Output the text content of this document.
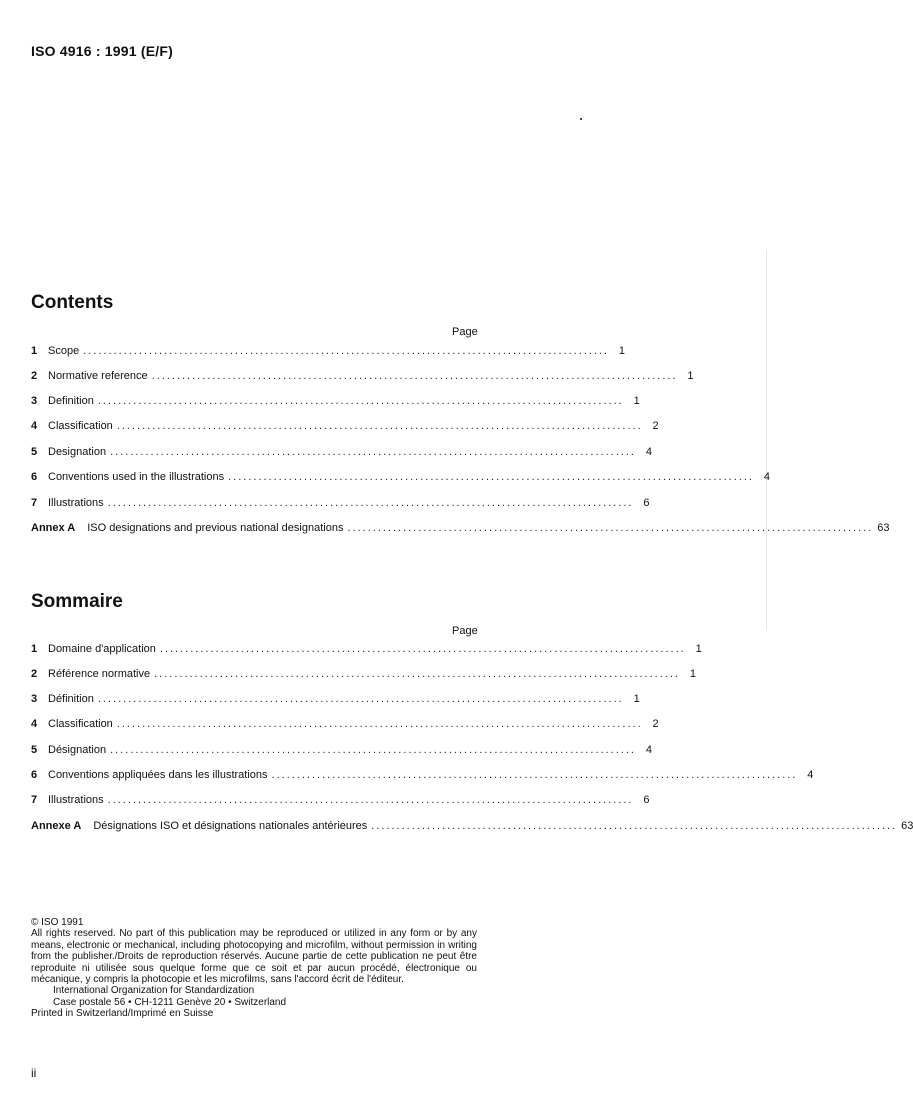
ISO 4916 : 1991 (E/F)
Contents
Page
1 Scope ........................................................................................................ 1
2 Normative reference ........................................................................................................ 1
3 Definition ........................................................................................................ 1
4 Classification ........................................................................................................ 2
5 Designation ........................................................................................................ 4
6 Conventions used in the illustrations ........................................................................................................ 4
7 Illustrations ........................................................................................................ 6
Annex A ISO designations and previous national designations ........................................................................................................ 63
Sommaire
Page
1 Domaine d'application ........................................................................................................ 1
2 Référence normative ........................................................................................................ 1
3 Définition ........................................................................................................ 1
4 Classification ........................................................................................................ 2
5 Désignation ........................................................................................................ 4
6 Conventions appliquées dans les illustrations ........................................................................................................ 4
7 Illustrations ........................................................................................................ 6
Annexe A Désignations ISO et désignations nationales antérieures ........................................................................................................ 63

© ISO 1991

All rights reserved. No part of this publication may be reproduced or utilized in any form or by any means, electronic or mechanical, including photocopying and microfilm, without permission in writing from the publisher./Droits de reproduction réservés. Aucune partie de cette publication ne peut être reproduite ni utilisée sous quelque forme que ce soit et par aucun procédé, électronique ou mécanique, y compris la photocopie et les microfilms, sans l'accord écrit de l'éditeur.

International Organization for Standardization

Case postale 56 • CH-1211 Genève 20 • Switzerland

Printed in Switzerland/Imprimé en Suisse

ii
